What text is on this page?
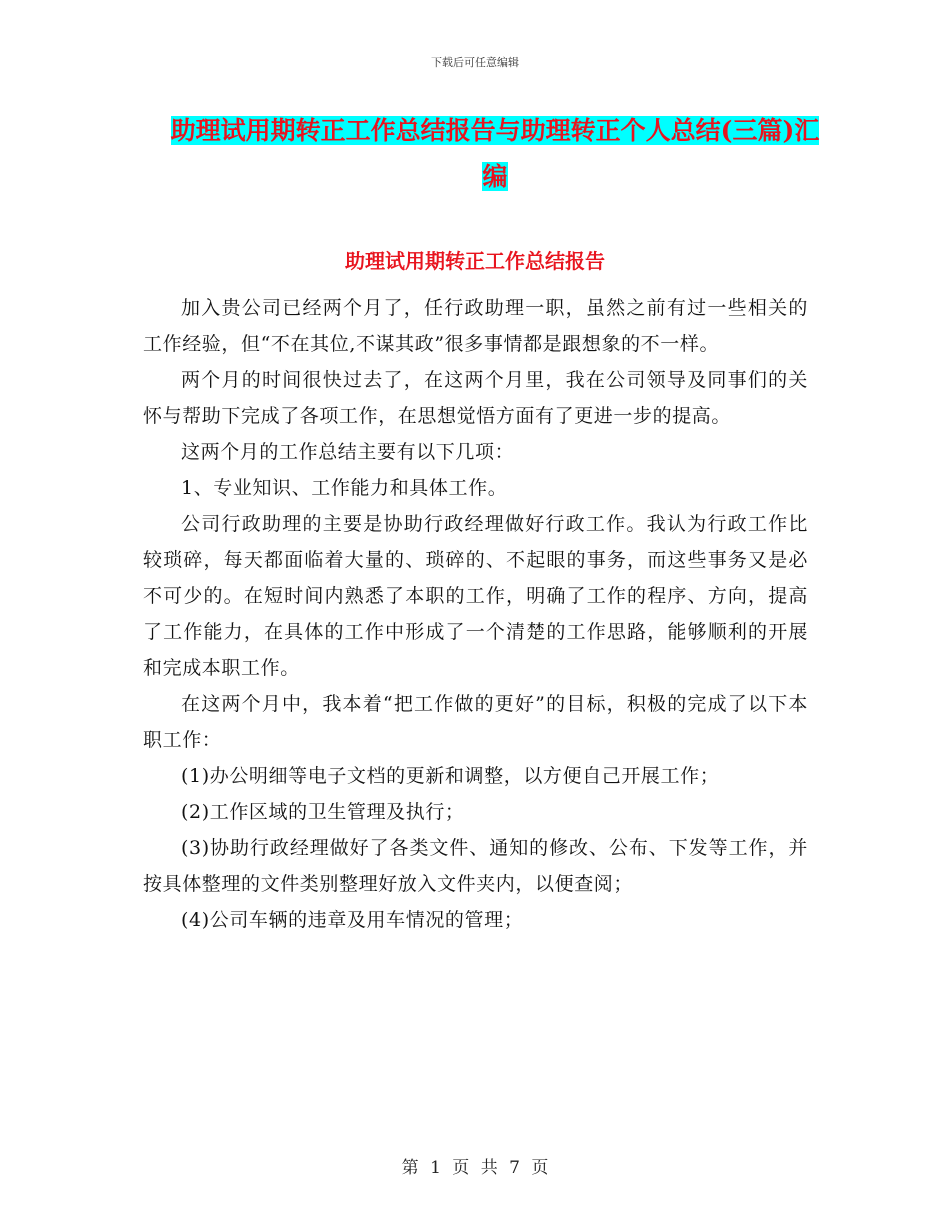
下载后可任意编辑
助理试用期转正工作总结报告与助理转正个人总结(三篇)汇编
助理试用期转正工作总结报告

加入贵公司已经两个月了，任行政助理一职，虽然之前有过一些相关的工作经验，但“不在其位,不谋其政”很多事情都是跟想象的不一样。

两个月的时间很快过去了，在这两个月里，我在公司领导及同事们的关怀与帮助下完成了各项工作，在思想觉悟方面有了更进一步的提高。

这两个月的工作总结主要有以下几项：

1、专业知识、工作能力和具体工作。

公司行政助理的主要是协助行政经理做好行政工作。我认为行政工作比较琐碎，每天都面临着大量的、琐碎的、不起眼的事务，而这些事务又是必不可少的。在短时间内熟悉了本职的工作，明确了工作的程序、方向，提高了工作能力，在具体的工作中形成了一个清楚的工作思路，能够顺利的开展和完成本职工作。

在这两个月中，我本着“把工作做的更好”的目标，积极的完成了以下本职工作：

(1)办公明细等电子文档的更新和调整，以方便自己开展工作；

(2)工作区域的卫生管理及执行；

(3)协助行政经理做好了各类文件、通知的修改、公布、下发等工作，并按具体整理的文件类别整理好放入文件夹内，以便查阅；

(4)公司车辆的违章及用车情况的管理；

第 1 页 共 7 页
